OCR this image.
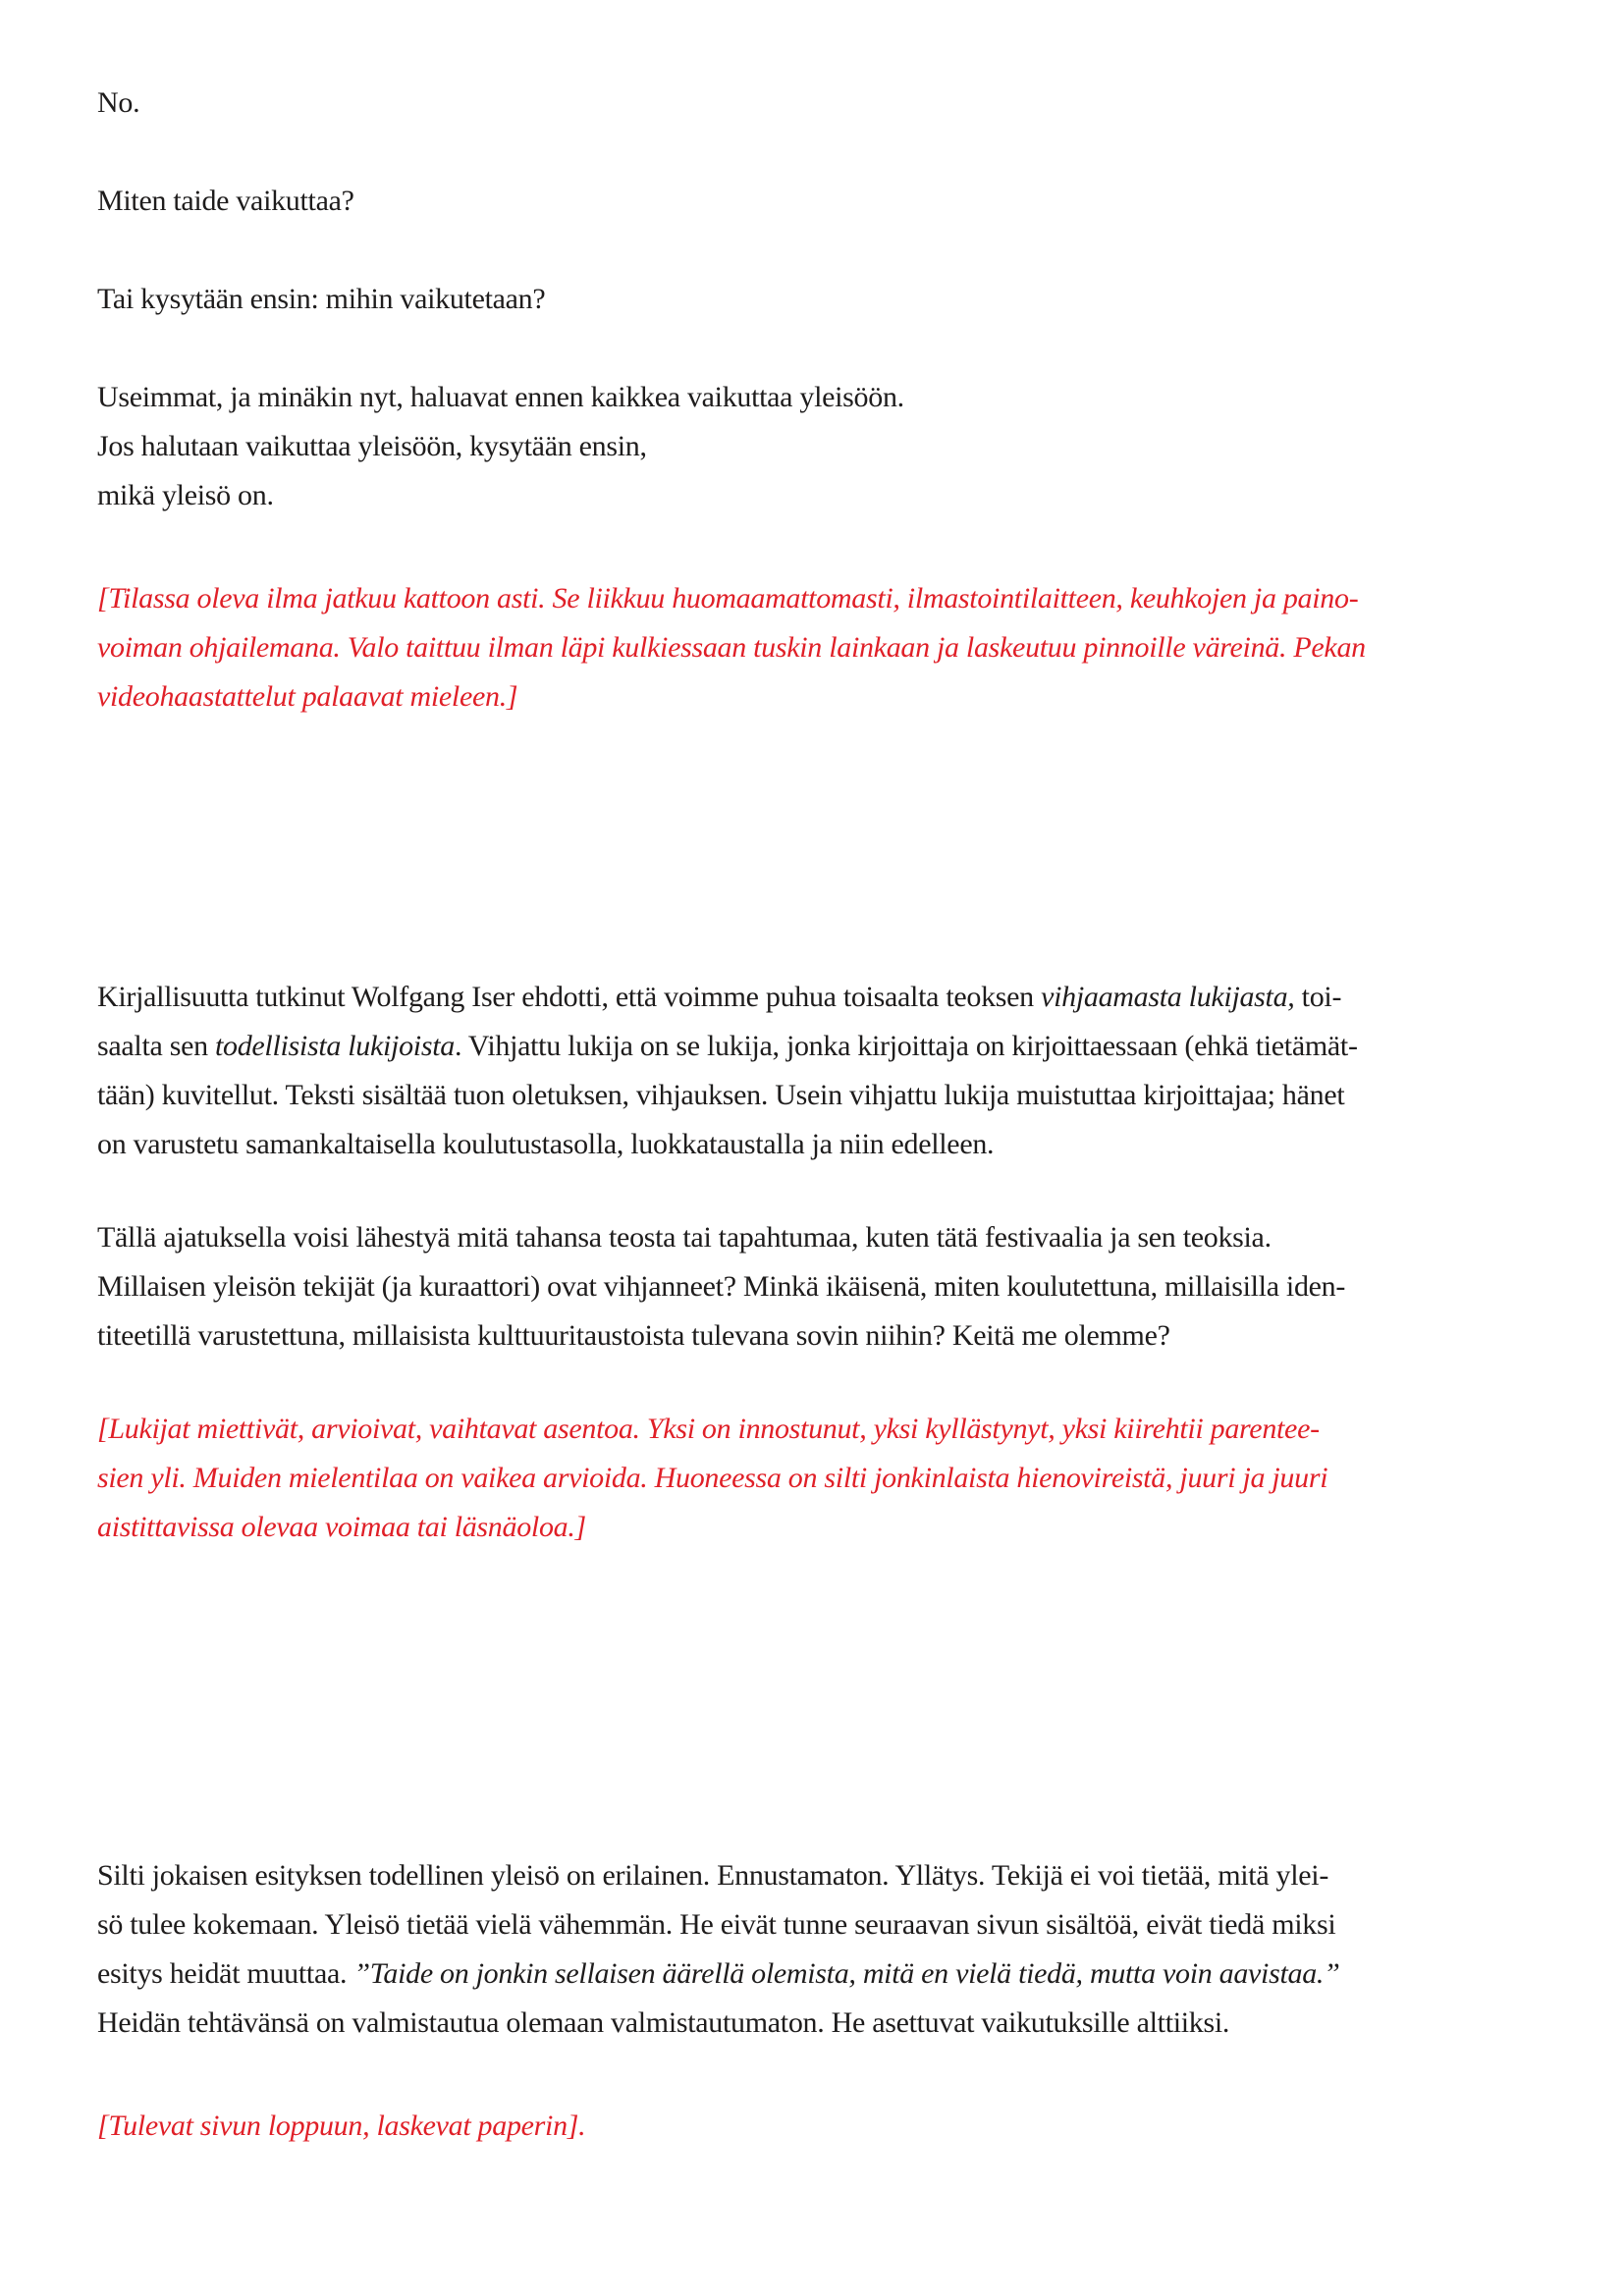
No.
Miten taide vaikuttaa?
Tai kysytään ensin: mihin vaikutetaan?
Useimmat, ja minäkin nyt, haluavat ennen kaikkea vaikuttaa yleisöön.
Jos halutaan vaikuttaa yleisöön, kysytään ensin,
mikä yleisö on.
[Tilassa oleva ilma jatkuu kattoon asti. Se liikkuu huomaamattomasti, ilmastointilaitteen, keuhkojen ja paino-
voiman ohjailemana. Valo taittuu ilman läpi kulkiessaan tuskin lainkaan ja laskeutuu pinnoille väreinä. Pekan
videohaastattelut palaavat mieleen.]
Kirjallisuutta tutkinut Wolfgang Iser ehdotti, että voimme puhua toisaalta teoksen vihjaamasta lukijasta, toi-
saalta sen todellisista lukijoista. Vihjattu lukija on se lukija, jonka kirjoittaja on kirjoittaessaan (ehkä tietämät-
tään) kuvitellut. Teksti sisältää tuon oletuksen, vihjauksen. Usein vihjattu lukija muistuttaa kirjoittajaa; hänet
on varustetu samankaltaisella koulutustasolla, luokkataustalla ja niin edelleen.
Tällä ajatuksella voisi lähestyä mitä tahansa teosta tai tapahtumaa, kuten tätä festivaalia ja sen teoksia.
Millaisen yleisön tekijät (ja kuraattori) ovat vihjanneet? Minkä ikäisenä, miten koulutettuna, millaisilla iden-
titeetillä varustettuna, millaisista kulttuuritaustoista tulevana sovin niihin? Keitä me olemme?
[Lukijat miettivät, arvioivat, vaihtavat asentoa. Yksi on innostunut, yksi kyllästynyt, yksi kiirehtii parentee-
sien yli. Muiden mielentilaa on vaikea arvioida. Huoneessa on silti jonkinlaista hienovireistä, juuri ja juuri
aistittavissa olevaa voimaa tai läsnäoloa.]
Silti jokaisen esityksen todellinen yleisö on erilainen. Ennustamaton. Yllätys. Tekijä ei voi tietää, mitä ylei-
sö tulee kokemaan. Yleisö tietää vielä vähemmän. He eivät tunne seuraavan sivun sisältöä, eivät tiedä miksi
esitys heidät muuttaa. ”Taide on jonkin sellaisen äärellä olemista, mitä en vielä tiedä, mutta voin aavistaa.”
Heidän tehtävänsä on valmistautua olemaan valmistautumaton. He asettuvat vaikutuksille alttiiksi.
[Tulevat sivun loppuun, laskevat paperin].
